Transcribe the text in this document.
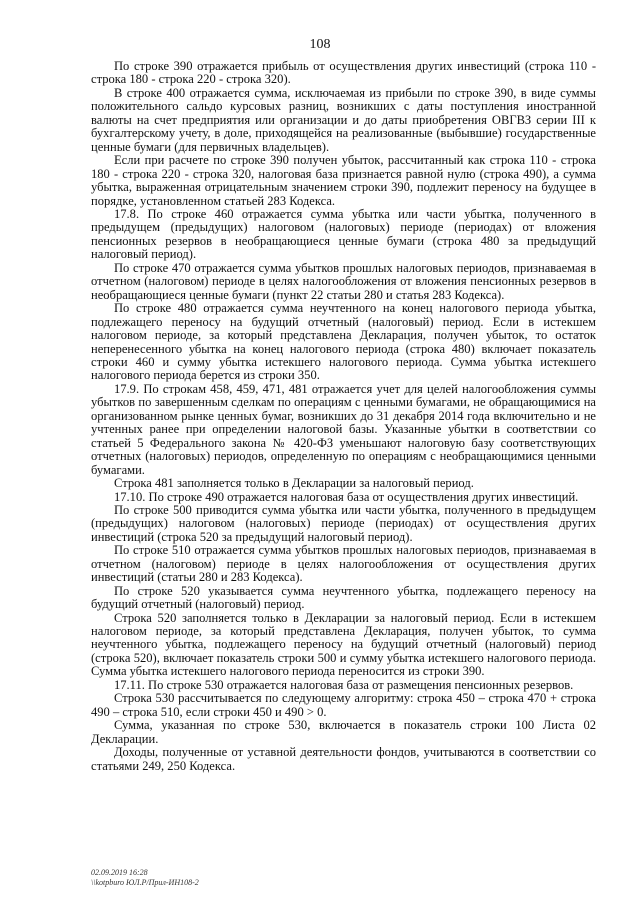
108

По строке 390 отражается прибыль от осуществления других инвестиций (строка 110 - строка 180 - строка 220 - строка 320).

В строке 400 отражается сумма, исключаемая из прибыли по строке 390, в виде суммы положительного сальдо курсовых разниц, возникших с даты поступления иностранной валюты на счет предприятия или организации и до даты приобретения ОВГВЗ серии III к бухгалтерскому учету, в доле, приходящейся на реализованные (выбывшие) государственные ценные бумаги (для первичных владельцев).

Если при расчете по строке 390 получен убыток, рассчитанный как строка 110 - строка 180 - строка 220 - строка 320, налоговая база признается равной нулю (строка 490), а сумма убытка, выраженная отрицательным значением строки 390, подлежит переносу на будущее в порядке, установленном статьей 283 Кодекса.

17.8. По строке 460 отражается сумма убытка или части убытка, полученного в предыдущем (предыдущих) налоговом (налоговых) периоде (периодах) от вложения пенсионных резервов в необращающиеся ценные бумаги (строка 480 за предыдущий налоговый период).

По строке 470 отражается сумма убытков прошлых налоговых периодов, признаваемая в отчетном (налоговом) периоде в целях налогообложения от вложения пенсионных резервов в необращающиеся ценные бумаги (пункт 22 статьи 280 и статья 283 Кодекса).

По строке 480 отражается сумма неучтенного на конец налогового периода убытка, подлежащего переносу на будущий отчетный (налоговый) период. Если в истекшем налоговом периоде, за который представлена Декларация, получен убыток, то остаток неперенесенного убытка на конец налогового периода (строка 480) включает показатель строки 460 и сумму убытка истекшего налогового периода. Сумма убытка истекшего налогового периода берется из строки 350.

17.9. По строкам 458, 459, 471, 481 отражается учет для целей налогообложения суммы убытков по завершенным сделкам по операциям с ценными бумагами, не обращающимися на организованном рынке ценных бумаг, возникших до 31 декабря 2014 года включительно и не учтенных ранее при определении налоговой базы. Указанные убытки в соответствии со статьей 5 Федерального закона № 420-ФЗ уменьшают налоговую базу соответствующих отчетных (налоговых) периодов, определенную по операциям с необращающимися ценными бумагами.

Строка 481 заполняется только в Декларации за налоговый период.

17.10. По строке 490 отражается налоговая база от осуществления других инвестиций.

По строке 500 приводится сумма убытка или части убытка, полученного в предыдущем (предыдущих) налоговом (налоговых) периоде (периодах) от осуществления других инвестиций (строка 520 за предыдущий налоговый период).

По строке 510 отражается сумма убытков прошлых налоговых периодов, признаваемая в отчетном (налоговом) периоде в целях налогообложения от осуществления других инвестиций (статьи 280 и 283 Кодекса).

По строке 520 указывается сумма неучтенного убытка, подлежащего переносу на будущий отчетный (налоговый) период.

Строка 520 заполняется только в Декларации за налоговый период. Если в истекшем налоговом периоде, за который представлена Декларация, получен убыток, то сумма неучтенного убытка, подлежащего переносу на будущий отчетный (налоговый) период (строка 520), включает показатель строки 500 и сумму убытка истекшего налогового периода. Сумма убытка истекшего налогового периода переносится из строки 390.

17.11. По строке 530 отражается налоговая база от размещения пенсионных резервов.

Строка 530 рассчитывается по следующему алгоритму: строка 450 – строка 470 + строка 490 – строка 510, если строки 450 и 490 > 0.

Сумма, указанная по строке 530, включается в показатель строки 100 Листа 02 Декларации.

Доходы, полученные от уставной деятельности фондов, учитываются в соответствии со статьями 249, 250 Кодекса.

02.09.2019 16:28
\\kotpburo ЮЛ.Р/Прил-ИН108-2
